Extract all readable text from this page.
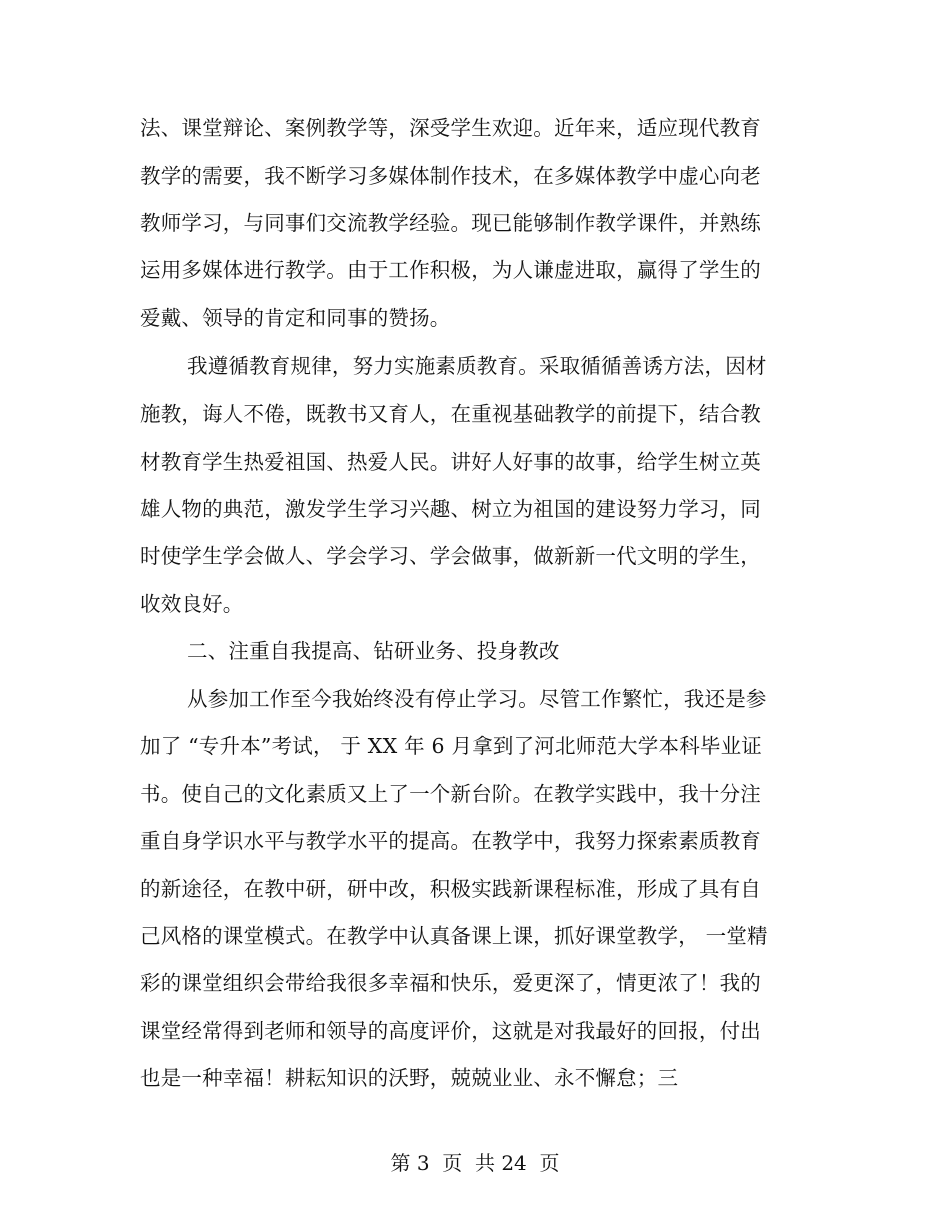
法、课堂辩论、案例教学等，深受学生欢迎。近年来，适应现代教育
教学的需要，我不断学习多媒体制作技术，在多媒体教学中虚心向老
教师学习，与同事们交流教学经验。现已能够制作教学课件，并熟练
运用多媒体进行教学。由于工作积极，为人谦虚进取，赢得了学生的
爱戴、领导的肯定和同事的赞扬。
我遵循教育规律，努力实施素质教育。采取循循善诱方法，因材
施教，诲人不倦，既教书又育人，在重视基础教学的前提下，结合教
材教育学生热爱祖国、热爱人民。讲好人好事的故事，给学生树立英
雄人物的典范，激发学生学习兴趣、树立为祖国的建设努力学习，同
时使学生学会做人、学会学习、学会做事，做新新一代文明的学生，
收效良好。
二、注重自我提高、钻研业务、投身教改
从参加工作至今我始终没有停止学习。尽管工作繁忙，我还是参
加了 “专升本”考试， 于 XX 年 6 月拿到了河北师范大学本科毕业证
书。使自己的文化素质又上了一个新台阶。在教学实践中，我十分注
重自身学识水平与教学水平的提高。在教学中，我努力探索素质教育
的新途径，在教中研，研中改，积极实践新课程标准，形成了具有自
己风格的课堂模式。在教学中认真备课上课，抓好课堂教学， 一堂精
彩的课堂组织会带给我很多幸福和快乐，爱更深了，情更浓了！我的
课堂经常得到老师和领导的高度评价，这就是对我最好的回报，付出
也是一种幸福！耕耘知识的沃野，兢兢业业、永不懈怠；三
第 3  页  共 24  页
